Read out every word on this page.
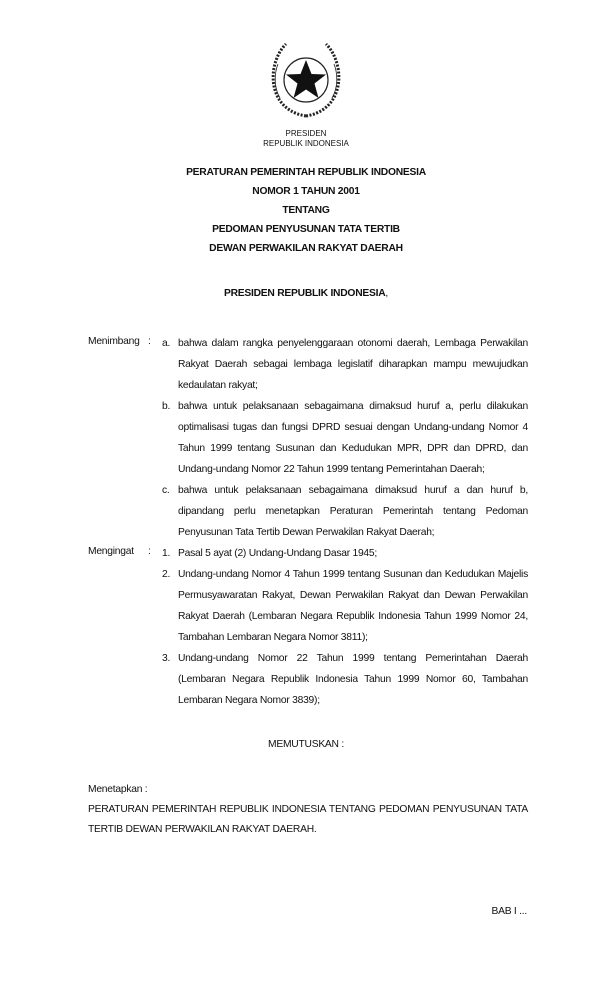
PRESIDEN
REPUBLIK INDONESIA
PERATURAN PEMERINTAH REPUBLIK INDONESIA
NOMOR 1 TAHUN 2001
TENTANG
PEDOMAN PENYUSUNAN TATA TERTIB
DEWAN PERWAKILAN RAKYAT DAERAH
PRESIDEN REPUBLIK INDONESIA,
Menimbang : a. bahwa dalam rangka penyelenggaraan otonomi daerah, Lembaga Perwakilan Rakyat Daerah sebagai lembaga legislatif diharapkan mampu mewujudkan kedaulatan rakyat;
b. bahwa untuk pelaksanaan sebagaimana dimaksud huruf a, perlu dilakukan optimalisasi tugas dan fungsi DPRD sesuai dengan Undang-undang Nomor 4 Tahun 1999 tentang Susunan dan Kedudukan MPR, DPR dan DPRD, dan Undang-undang Nomor 22 Tahun 1999 tentang Pemerintahan Daerah;
c. bahwa untuk pelaksanaan sebagaimana dimaksud huruf a dan huruf b, dipandang perlu menetapkan Peraturan Pemerintah tentang Pedoman Penyusunan Tata Tertib Dewan Perwakilan Rakyat Daerah;
Mengingat : 1. Pasal 5 ayat (2) Undang-Undang Dasar 1945;
2. Undang-undang Nomor 4 Tahun 1999 tentang Susunan dan Kedudukan Majelis Permusyawaratan Rakyat, Dewan Perwakilan Rakyat dan Dewan Perwakilan Rakyat Daerah (Lembaran Negara Republik Indonesia Tahun 1999 Nomor 24, Tambahan Lembaran Negara Nomor 3811);
3. Undang-undang Nomor 22 Tahun 1999 tentang Pemerintahan Daerah (Lembaran Negara Republik Indonesia Tahun 1999 Nomor 60, Tambahan Lembaran Negara Nomor 3839);
MEMUTUSKAN :
Menetapkan :
PERATURAN PEMERINTAH REPUBLIK INDONESIA TENTANG PEDOMAN PENYUSUNAN TATA TERTIB DEWAN PERWAKILAN RAKYAT DAERAH.
BAB I ...
